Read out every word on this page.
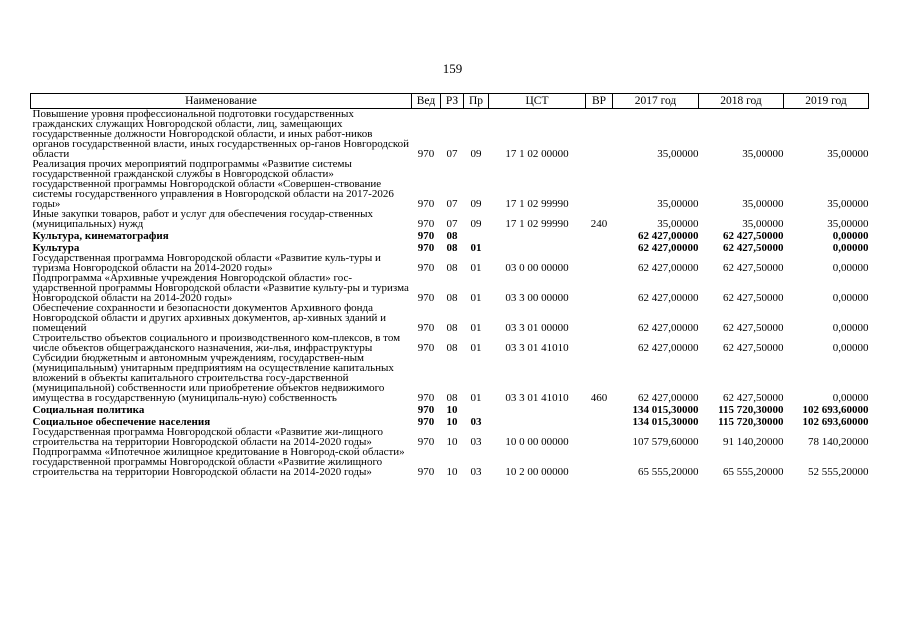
159
Наименование	Вед	РЗ	Пр	ЦСТ	ВР	2017 год	2018 год	2019 год
Повышение уровня профессиональной подготовки государственных гражданских служащих Новгородской области, лиц, замещающих государственные должности Новгородской области, и иных работ-ников органов государственной власти, иных государственных ор-ганов Новгородской области	970	07	09	17 1 02 00000		35,00000	35,00000	35,00000
Реализация прочих мероприятий подпрограммы «Развитие системы государственной гражданской службы в Новгородской области» государственной программы Новгородской области «Совершен-ствование системы государственного управления в Новгородской области на 2017-2026 годы»	970	07	09	17 1 02 99990		35,00000	35,00000	35,00000
Иные закупки товаров, работ и услуг для обеспечения государ-ственных (муниципальных) нужд	970	07	09	17 1 02 99990	240	35,00000	35,00000	35,00000
Культура, кинематография	970	08				62 427,00000	62 427,50000	0,00000
Культура	970	08	01			62 427,00000	62 427,50000	0,00000
Государственная программа Новгородской области «Развитие куль-туры и туризма Новгородской области на 2014-2020 годы»	970	08	01	03 0 00 00000		62 427,00000	62 427,50000	0,00000
Подпрограмма «Архивные учреждения Новгородской области» гос-ударственной программы Новгородской области «Развитие культу-ры и туризма Новгородской области на 2014-2020 годы»	970	08	01	03 3 00 00000		62 427,00000	62 427,50000	0,00000
Обеспечение сохранности и безопасности документов Архивного фонда Новгородской области и других архивных документов, ар-хивных зданий и помещений	970	08	01	03 3 01 00000		62 427,00000	62 427,50000	0,00000
Строительство объектов социального и производственного ком-плексов, в том числе объектов общегражданского назначения, жи-лья, инфраструктуры	970	08	01	03 3 01 41010		62 427,00000	62 427,50000	0,00000
Субсидии бюджетным и автономным учреждениям, государствен-ным (муниципальным) унитарным предприятиям на осуществление капитальных вложений в объекты капитального строительства госу-дарственной (муниципальной) собственности или приобретение объектов недвижимого имущества в государственную (муниципаль-ную) собственность	970	08	01	03 3 01 41010	460	62 427,00000	62 427,50000	0,00000
Социальная политика	970	10				134 015,30000	115 720,30000	102 693,60000
Социальное обеспечение населения	970	10	03			134 015,30000	115 720,30000	102 693,60000
Государственная программа Новгородской области «Развитие жи-лищного строительства на территории Новгородской области на 2014-2020 годы»	970	10	03	10 0 00 00000		107 579,60000	91 140,20000	78 140,20000
Подпрограмма «Ипотечное жилищное кредитование в Новгород-ской области» государственной программы Новгородской области «Развитие жилищного строительства на территории Новгородской области на 2014-2020 годы»	970	10	03	10 2 00 00000		65 555,20000	65 555,20000	52 555,20000
